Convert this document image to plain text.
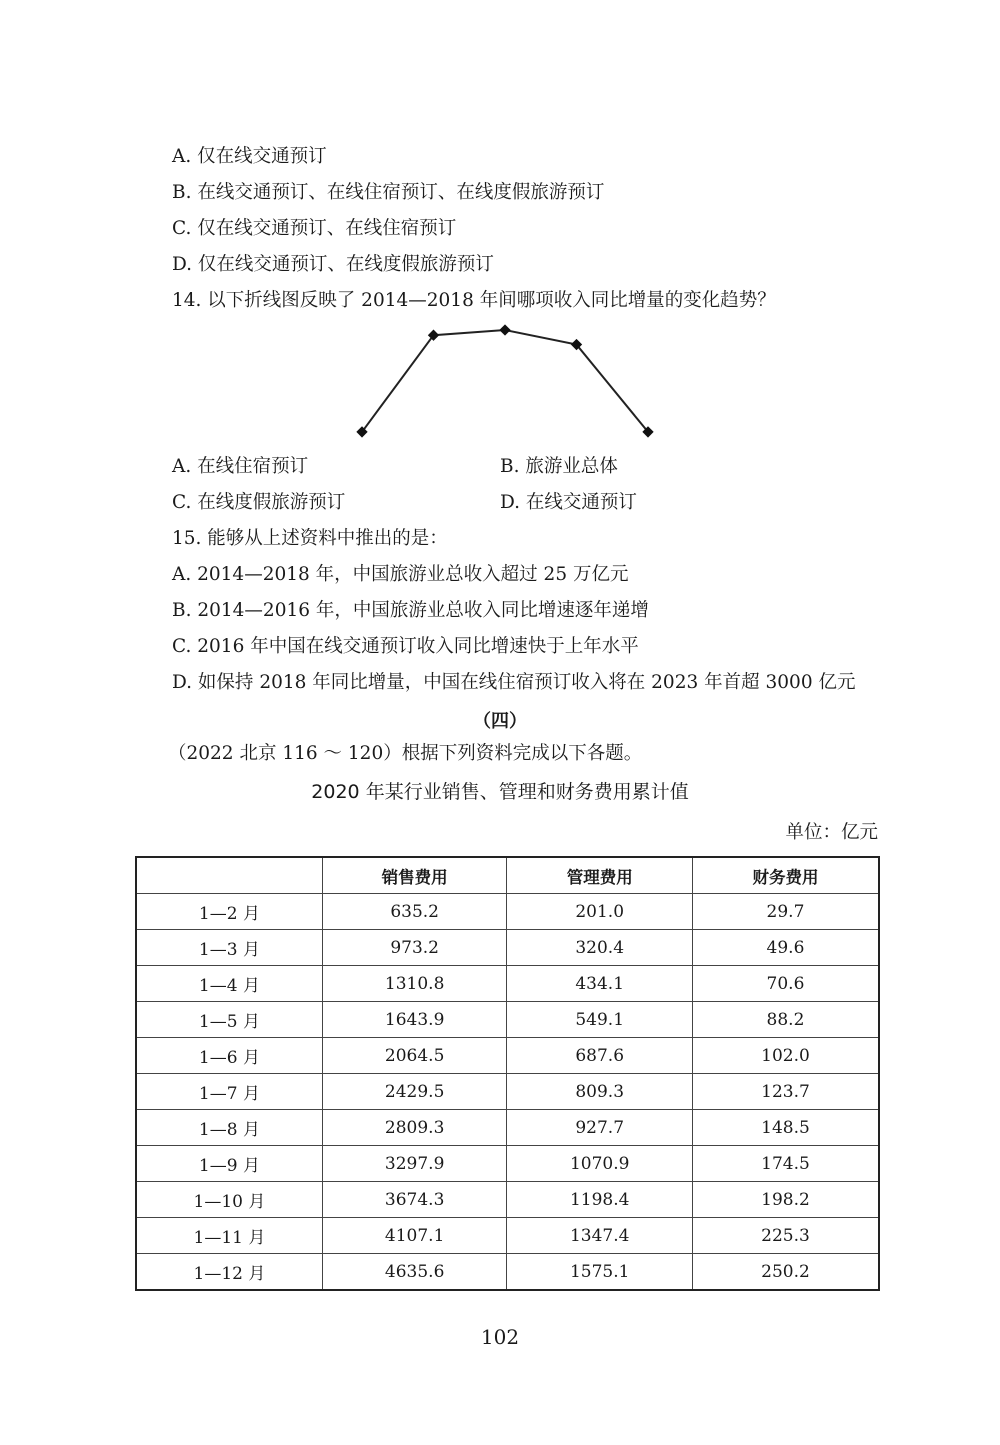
A. 仅在线交通预订
B. 在线交通预订、在线住宿预订、在线度假旅游预订
C. 仅在线交通预订、在线住宿预订
D. 仅在线交通预订、在线度假旅游预订
14. 以下折线图反映了 2014—2018 年间哪项收入同比增量的变化趋势？
A. 在线住宿预订	B. 旅游业总体
C. 在线度假旅游预订	D. 在线交通预订
15. 能够从上述资料中推出的是：
A. 2014—2018 年，中国旅游业总收入超过 25 万亿元
B. 2014—2016 年，中国旅游业总收入同比增速逐年递增
C. 2016 年中国在线交通预订收入同比增速快于上年水平
D. 如保持 2018 年同比增量，中国在线住宿预订收入将在 2023 年首超 3000 亿元
（四）
（2022 北京 116 ～ 120）根据下列资料完成以下各题。
2020 年某行业销售、管理和财务费用累计值
单位：亿元
	销售费用	管理费用	财务费用
1—2 月	635.2	201.0	29.7
1—3 月	973.2	320.4	49.6
1—4 月	1310.8	434.1	70.6
1—5 月	1643.9	549.1	88.2
1—6 月	2064.5	687.6	102.0
1—7 月	2429.5	809.3	123.7
1—8 月	2809.3	927.7	148.5
1—9 月	3297.9	1070.9	174.5
1—10 月	3674.3	1198.4	198.2
1—11 月	4107.1	1347.4	225.3
1—12 月	4635.6	1575.1	250.2
102
